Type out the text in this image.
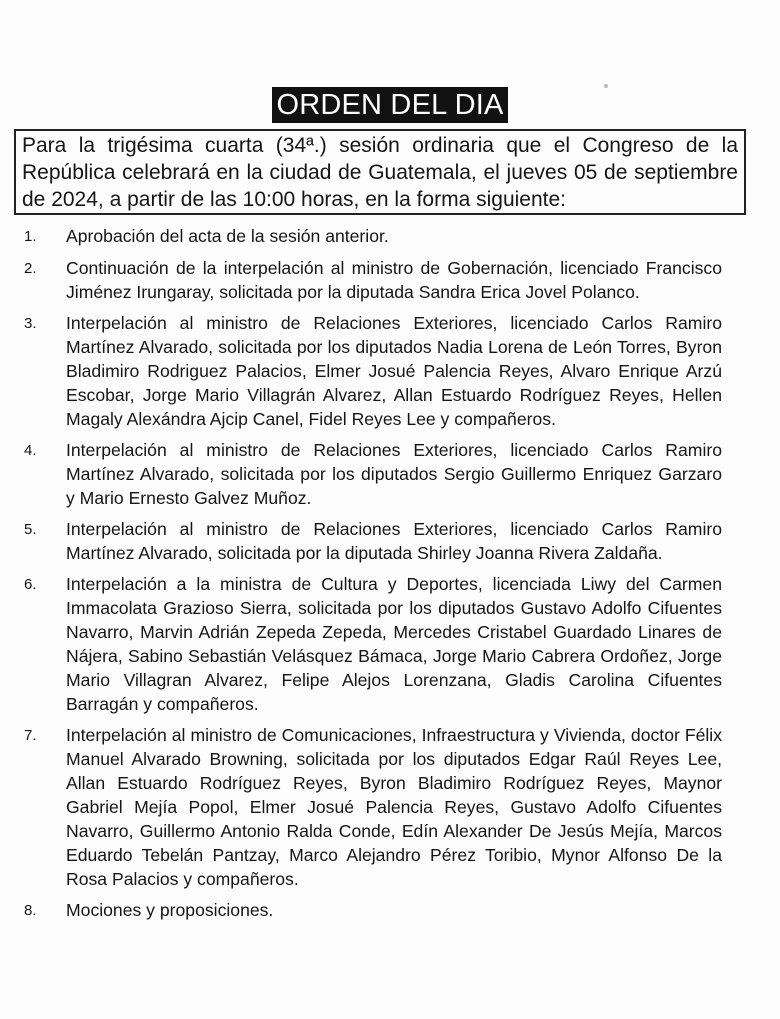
ORDEN DEL DIA
Para la trigésima cuarta (34ª.) sesión ordinaria que el Congreso de la República celebrará en la ciudad de Guatemala, el jueves 05 de septiembre de 2024, a partir de las 10:00 horas, en la forma siguiente:
1.	Aprobación del acta de la sesión anterior.
2.	Continuación de la interpelación al ministro de Gobernación, licenciado Francisco Jiménez Irungaray, solicitada por la diputada Sandra Erica Jovel Polanco.
3.	Interpelación al ministro de Relaciones Exteriores, licenciado Carlos Ramiro Martínez Alvarado, solicitada por los diputados Nadia Lorena de León Torres, Byron Bladimiro Rodriguez Palacios, Elmer Josué Palencia Reyes, Alvaro Enrique Arzú Escobar, Jorge Mario Villagrán Alvarez, Allan Estuardo Rodríguez Reyes, Hellen Magaly Alexándra Ajcip Canel, Fidel Reyes Lee y compañeros.
4.	Interpelación al ministro de Relaciones Exteriores, licenciado Carlos Ramiro Martínez Alvarado, solicitada por los diputados Sergio Guillermo Enriquez Garzaro y Mario Ernesto Galvez Muñoz.
5.	Interpelación al ministro de Relaciones Exteriores, licenciado Carlos Ramiro Martínez Alvarado, solicitada por la diputada Shirley Joanna Rivera Zaldaña.
6.	Interpelación a la ministra de Cultura y Deportes, licenciada Liwy del Carmen Immacolata Grazioso Sierra, solicitada por los diputados Gustavo Adolfo Cifuentes Navarro, Marvin Adrián Zepeda Zepeda, Mercedes Cristabel Guardado Linares de Nájera, Sabino Sebastián Velásquez Bámaca, Jorge Mario Cabrera Ordoñez, Jorge Mario Villagran Alvarez, Felipe Alejos Lorenzana, Gladis Carolina Cifuentes Barragán y compañeros.
7.	Interpelación al ministro de Comunicaciones, Infraestructura y Vivienda, doctor Félix Manuel Alvarado Browning, solicitada por los diputados Edgar Raúl Reyes Lee, Allan Estuardo Rodríguez Reyes, Byron Bladimiro Rodríguez Reyes, Maynor Gabriel Mejía Popol, Elmer Josué Palencia Reyes, Gustavo Adolfo Cifuentes Navarro, Guillermo Antonio Ralda Conde, Edín Alexander De Jesús Mejía, Marcos Eduardo Tebelán Pantzay, Marco Alejandro Pérez Toribio, Mynor Alfonso De la Rosa Palacios y compañeros.
8.	Mociones y proposiciones.
